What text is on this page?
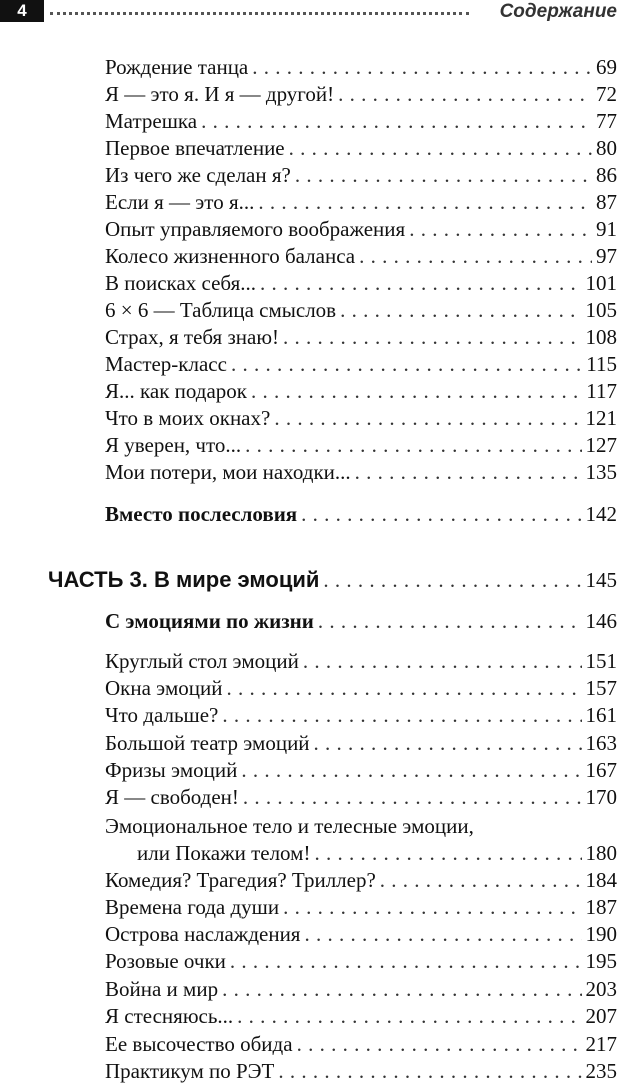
4	Содержание
Рождение танца . . .	69
Я — это я. И я — другой! . . .	72
Матрешка . . .	77
Первое впечатление . . .	80
Из чего же сделан я? . . .	86
Если я — это я... . . .	87
Опыт управляемого воображения . . .	91
Колесо жизненного баланса . . .	97
В поисках себя... . . .	101
6 × 6 — Таблица смыслов . . .	105
Страх, я тебя знаю! . . .	108
Мастер-класс . . .	115
Я... как подарок . . .	117
Что в моих окнах? . . .	121
Я уверен, что... . . .	127
Мои потери, мои находки... . . .	135
Вместо послесловия . . .	142
ЧАСТЬ 3. В мире эмоций . . .	145
С эмоциями по жизни . . .	146
Круглый стол эмоций . . .	151
Окна эмоций . . .	157
Что дальше? . . .	161
Большой театр эмоций . . .	163
Фризы эмоций . . .	167
Я — свободен! . . .	170
Эмоциональное тело и телесные эмоции,
или Покажи телом! . . .	180
Комедия? Трагедия? Триллер? . . .	184
Времена года души . . .	187
Острова наслаждения . . .	190
Розовые очки . . .	195
Война и мир . . .	203
Я стесняюсь... . . .	207
Ее высочество обида . . .	217
Практикум по РЭТ . . .	235
